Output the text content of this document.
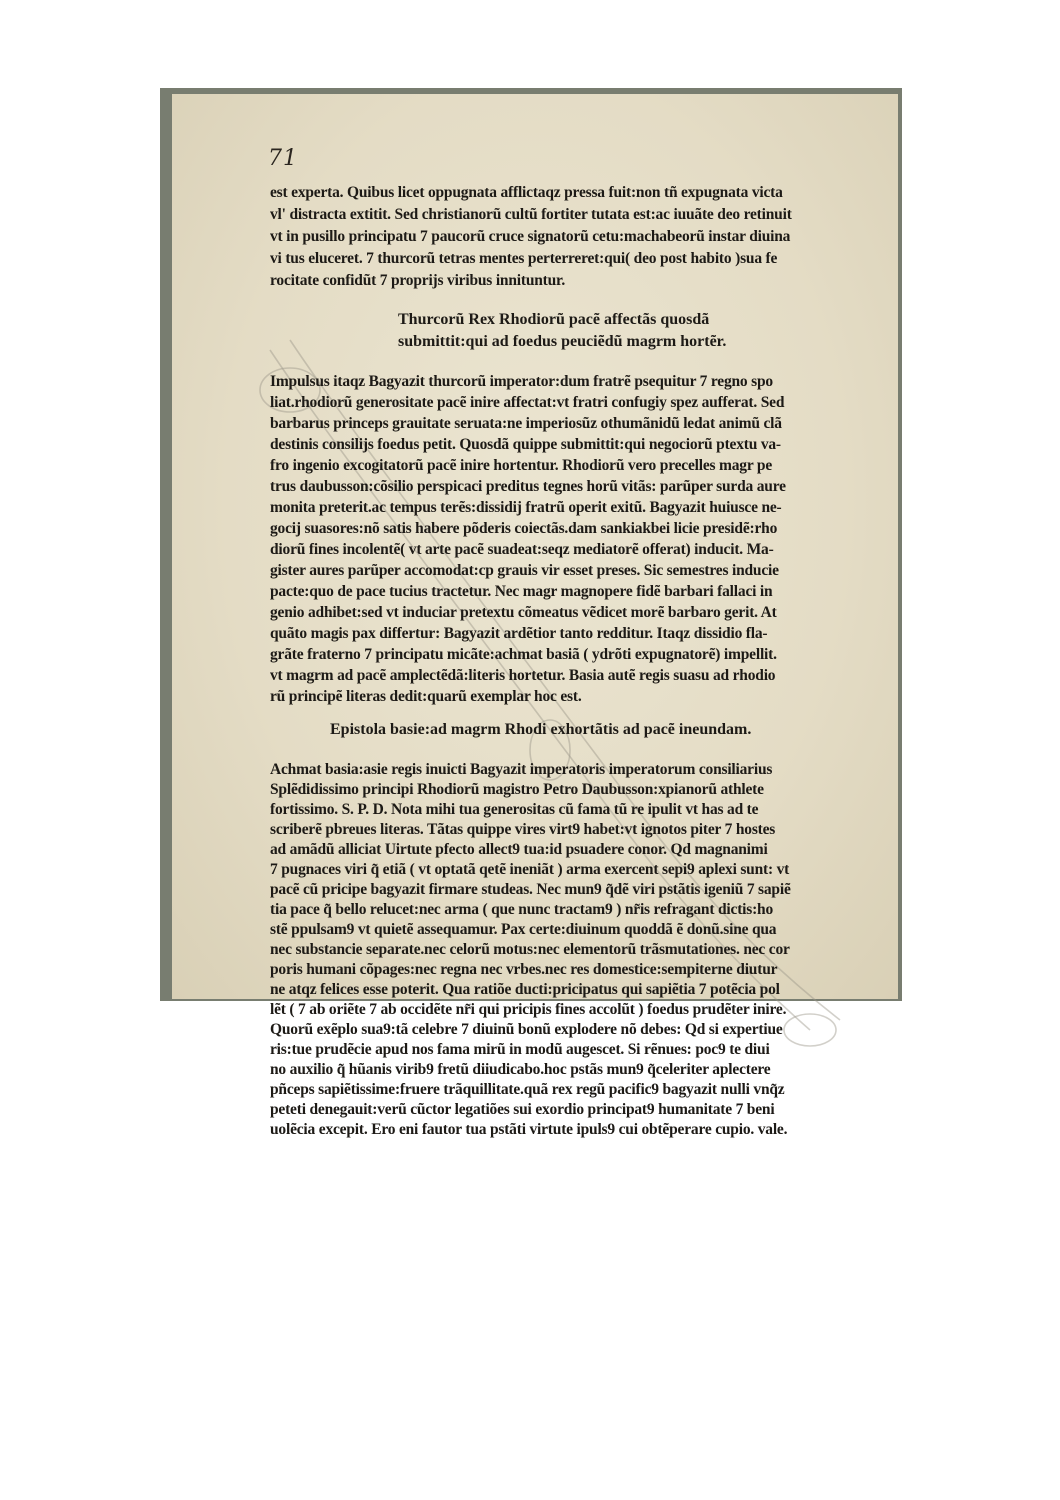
71
est experta. Quibus licet oppugnata afflictaqz pressa fuit:non tñ expugnata victa
vl' distracta extitit. Sed christianorũ cultũ fortiter tutata est:ac iuuãte deo retinuit
vt in pusillo principatu 7 paucorũ cruce signatorũ cetu:machabeorũ instar diuina
vi tus eluceret. 7 thurcorũ tetras mentes perterreret:qui( deo post habito )sua fe
rocitate confidũt 7 proprijs viribus innituntur.
Thurcorũ Rex Rhodiorũ pacẽ affectãs quosdã
submittit:qui ad foedus peuciẽdũ magrm hortẽr.
Impulsus itaqz Bagyazit thurcorũ imperator:dum fratrẽ psequitur 7 regno spo
liat.rhodiorũ generositate pacẽ inire affectat:vt fratri confugiy spez aufferat. Sed
barbarus princeps grauitate seruata:ne imperiosũz othumãnidũ ledat animũ clã
destinis consilijs foedus petit. Quosdã quippe submittit:qui negociorũ ptextu va-
fro ingenio excogitatorũ pacẽ inire hortentur. Rhodiorũ vero precelles magr pe
trus daubusson:cõsilio perspicaci preditus tegnes horũ vitãs: parũper surda aure
monita preterit.ac tempus terẽs:dissidij fratrũ operit exitũ. Bagyazit huiusce ne-
gocij suasores:nõ satis habere põderis coiectãs.dam sankiakbei licie presidẽ:rho
diorũ fines incolentẽ( vt arte pacẽ suadeat:seqz mediatorẽ offerat) inducit. Ma-
gister aures parũper accomodat:cp grauis vir esset preses. Sic semestres inducie
pacte:quo de pace tucius tractetur. Nec magr magnopere fidẽ barbari fallaci in
genio adhibet:sed vt induciar pretextu cõmeatus vẽdicet morẽ barbaro gerit. At
quãto magis pax differtur: Bagyazit ardẽtior tanto redditur. Itaqz dissidio fla-
grãte fraterno 7 principatu micãte:achmat basiã ( ydrõti expugnatorẽ) impellit.
vt magrm ad pacẽ amplectẽdã:literis hortetur. Basia autẽ regis suasu ad rhodio
rũ principẽ literas dedit:quarũ exemplar hoc est.
Epistola basie:ad magrm Rhodi exhortãtis ad pacẽ ineundam.
Achmat basia:asie regis inuicti Bagyazit imperatoris imperatorum consiliarius
Splẽdidissimo principi Rhodiorũ magistro Petro Daubusson:xpianorũ athlete
fortissimo. S. P. D. Nota mihi tua generositas cũ fama tũ re ipulit vt has ad te
scriberẽ pbreues literas. Tãtas quippe vires virt9 habet:vt ignotos piter 7 hostes
ad amãdũ alliciat Uirtute pfecto allect9 tua:id psuadere conor. Qd magnanimi
7 pugnaces viri q̃ etiã ( vt optatã qetẽ ineniãt ) arma exercent sepi9 aplexi sunt: vt
pacẽ cũ pricipe bagyazit firmare studeas. Nec mun9 q̃dẽ viri pstãtis igeniũ 7 sapiẽ
tia pace q̃ bello relucet:nec arma ( que nunc tractam9 ) nr̃is refragant dictis:ho
stẽ ppulsam9 vt quietẽ assequamur. Pax certe:diuinum quoddã ẽ donũ.sine qua
nec substancie separate.nec celorũ motus:nec elementorũ trãsmutationes. nec cor
poris humani cõpages:nec regna nec vrbes.nec res domestice:sempiterne diutur
ne atqz felices esse poterit. Qua ratiõe ducti:pricipatus qui sapiẽtia 7 potẽcia pol
lẽt ( 7 ab oriẽte 7 ab occidẽte nr̃i qui pricipis fines accolũt ) foedus prudẽter inire.
Quorũ exẽplo sua9:tã celebre 7 diuinũ bonũ explodere nõ debes: Qd si expertiue
ris:tue prudẽcie apud nos fama mirũ in modũ augescet. Si rẽnues: poc9 te diui
no auxilio q̃ hũanis virib9 fretũ diiudicabo.hoc pstãs mun9 q̃celeriter aplectere
pñceps sapiẽtissime:fruere trãquillitate.quã rex regũ pacific9 bagyazit nulli vnq̃z
peteti denegauit:verũ cũctor legatiões sui exordio principat9 humanitate 7 beni
uolẽcia excepit. Ero eni fautor tua pstãti virtute ipuls9 cui obtẽperare cupio. vale.
